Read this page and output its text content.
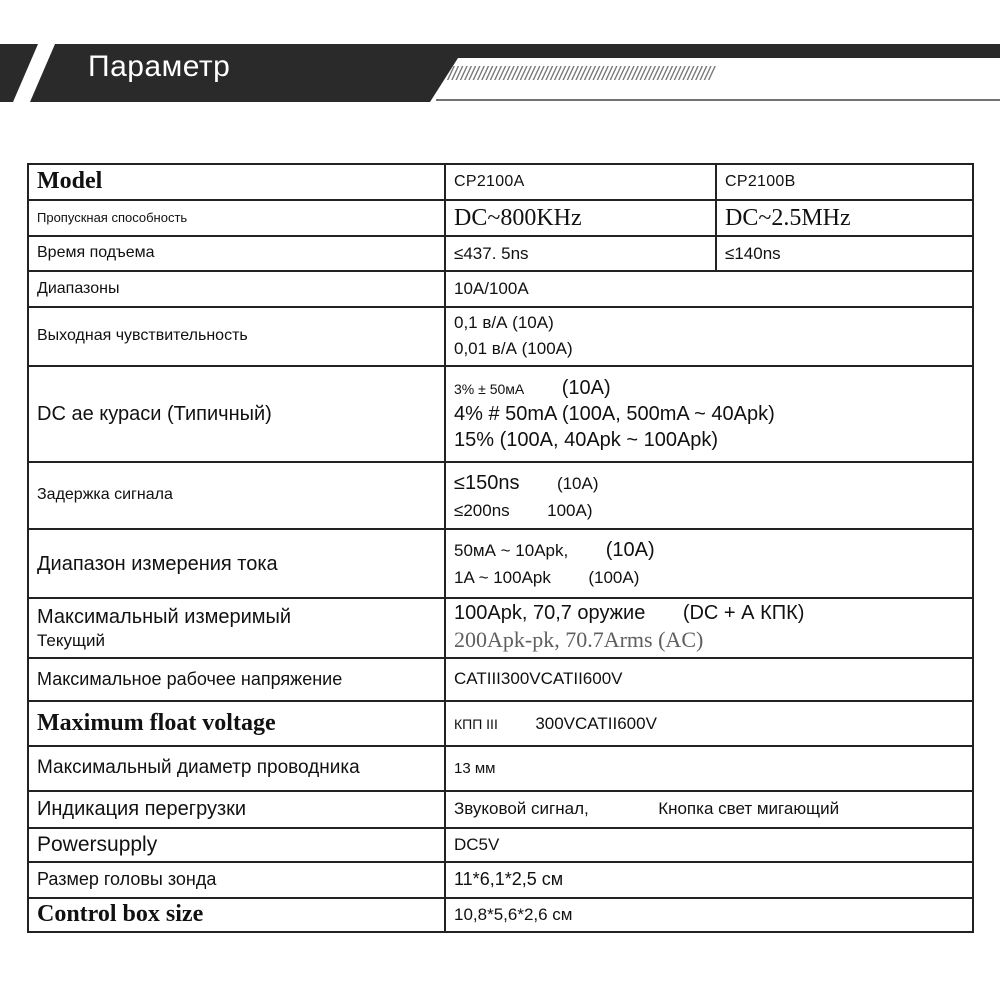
Параметр	//////////////////////////////////////////////////////////////
Model	CP2100A	CP2100B
Пропускная способность	DC~800KHz	DC~2.5MHz
Время подъема	≤437. 5ns	≤140ns
Диапазоны	10A/100A	
Выходная чувствительность	0,1 в/А (10А)
0,01 в/А (100А)	

DC ае кураси (Типичный)	3% ± 50мА (10A)
4% # 50mA (100A, 500mA ~ 40Apk)
15% (100A, 40Apk ~ 100Apk)	

Задержка сигнала	≤150ns (10A)
≤200ns 100A)	

Диапазон измерения тока	50мА ~ 10Apk, (10A)
1A ~ 100Apk (100A)	

Максимальный измеримый
Текущий	100Apk, 70,7 оружие (DC + А КПК)
200Apk-pk, 70.7Arms (AC)	

Максимальное рабочее напряжение	CATIII300VCATII600V	
Maximum float voltage	КПП III 300VCATII600V	
Максимальный диаметр проводника	13 мм	
Индикация перегрузки	Звуковой сигнал, Кнопка свет мигающий	
Powersupply	DC5V	
Размер головы зонда	11*6,1*2,5 см	
Control box size	10,8*5,6*2,6 см	
